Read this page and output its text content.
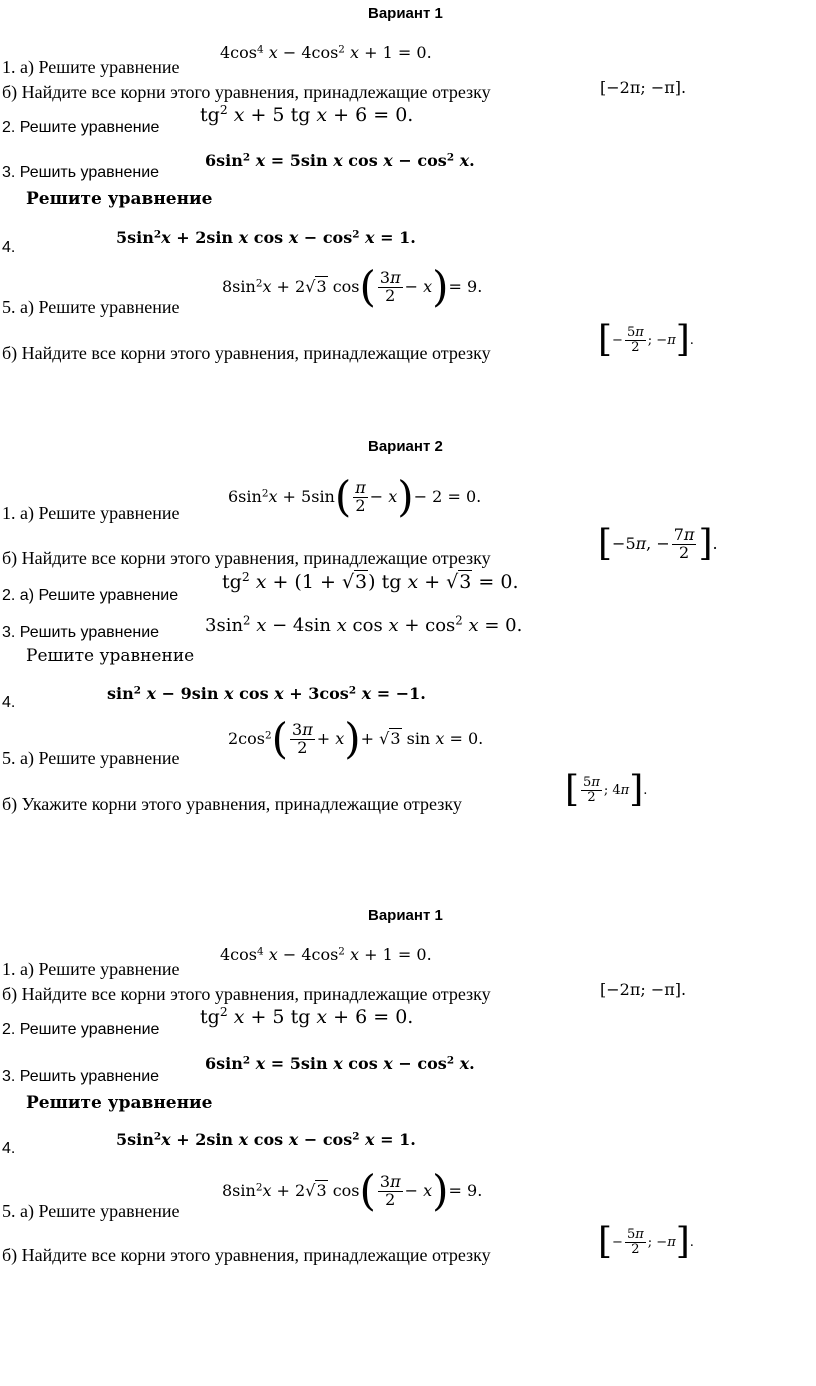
Вариант 1
1. а) Решите уравнение
$4\cos^4$ $x - 4\cos^2$ x + 1 = 0.
б) Найдите все корни этого уравнения, принадлежащие отрезку	[−2π; −π].
2. Решите уравнение
$tg^2$ x + 5 tg x + 6 = 0.
3. Решить уравнение
$6\sin^2$ x = 5sin x $\cos x - \cos^2 x$.
Решите уравнение
4.
$5\sin^2x + 2\sin$ x $\cos x - \cos^2 x = 1$.
$8\sin^2x + 2√3$ cos ( $\frac{3\pi}{2} - x$ ) = 9.
5. а) Решите уравнение
б) Найдите все корни этого уравнения, принадлежащие отрезку	[ − $\frac{5\pi}{2}$ ; −π ] .
Вариант 2
$6\sin^2x + 5\sin$ ( $\frac{\pi}{2} - x$ ) − 2 = 0.
1. а) Решите уравнение
б) Найдите все корни этого уравнения, принадлежащие отрезку	[ −5π, − $\frac{7\pi}{2}$ ] .
2. а) Решите уравнение
$tg^2$ x + (1 + √3) tg x + √3 = 0.
3. Решить уравнение	$3\sin^2$ x − 4sin x $\cos x + \cos^2 x = 0$.
Решите уравнение
4.	$\sin^2 x - 9\sin$ x $\cos x + 3\cos^2$ x = −1.
$2\cos^2$ ( $\frac{3\pi}{2} + x$ ) + √3 sin x = 0.
5. а) Решите уравнение
б) Укажите корни этого уравнения, принадлежащие отрезку	[ $\frac{5\pi}{2}$ ; 4π ] .
Вариант 1
1. а) Решите уравнение
$4\cos^4$ $x - 4\cos^2$ x + 1 = 0.
б) Найдите все корни этого уравнения, принадлежащие отрезку	[−2π; −π].
2. Решите уравнение
$tg^2$ x + 5 tg x + 6 = 0.
3. Решить уравнение
$6\sin^2$ x = 5sin x $\cos x - \cos^2 x$.
Решите уравнение
4.	$5\sin^2x + 2\sin$ x $\cos x - \cos^2 x = 1$.
$8\sin^2x + 2√3$ cos ( $\frac{3\pi}{2} - x$ ) = 9.
5. а) Решите уравнение
б) Найдите все корни этого уравнения, принадлежащие отрезку	[ − $\frac{5\pi}{2}$ ; −π ] .
